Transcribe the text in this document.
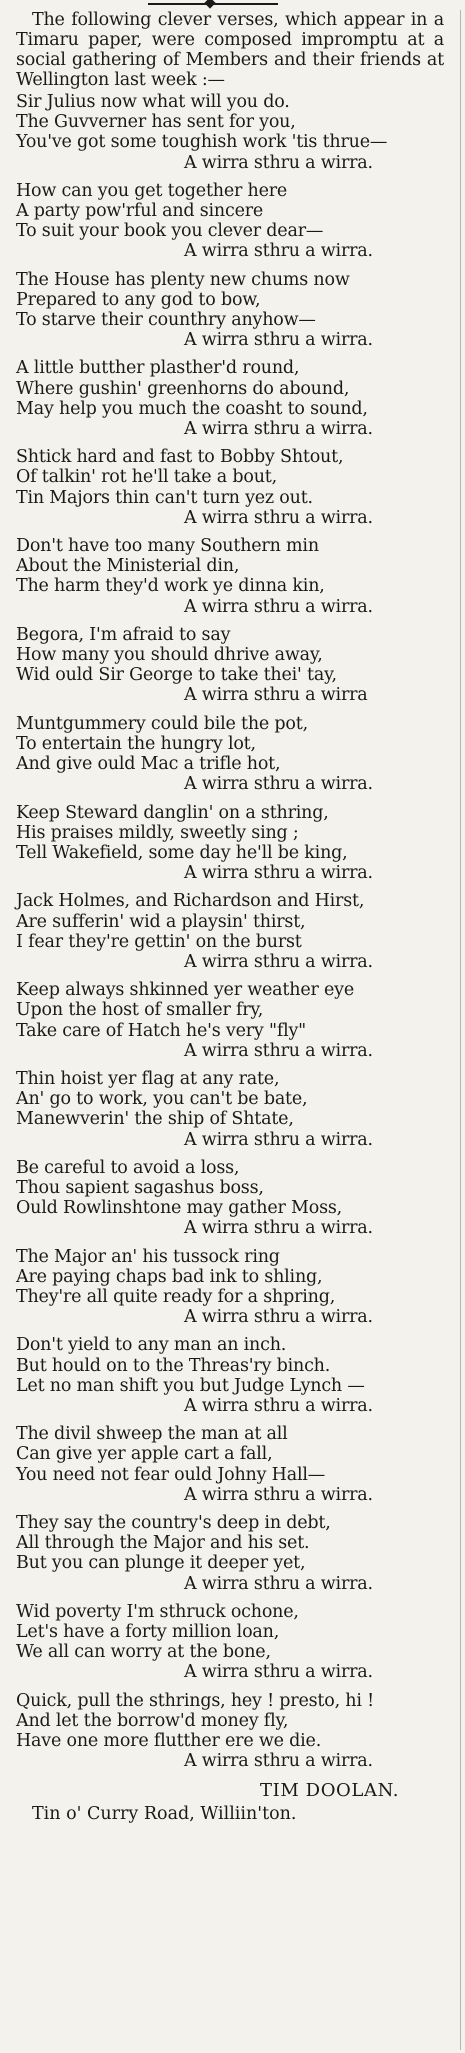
The following clever verses, which appear in a Timaru paper, were composed impromptu at a social gathering of Members and their friends at Wellington last week :—

Sir Julius now what will you do.
The Guvverner has sent for you,
You've got some toughish work 'tis thrue—
A wirra sthru a wirra.
How can you get together here
A party pow'rful and sincere
To suit your book you clever dear—
A wirra sthru a wirra.
The House has plenty new chums now
Prepared to any god to bow,
To starve their counthry anyhow—
A wirra sthru a wirra.
A little butther plasther'd round,
Where gushin' greenhorns do abound,
May help you much the coasht to sound,
A wirra sthru a wirra.
Shtick hard and fast to Bobby Shtout,
Of talkin' rot he'll take a bout,
Tin Majors thin can't turn yez out.
A wirra sthru a wirra.
Don't have too many Southern min
About the Ministerial din,
The harm they'd work ye dinna kin,
A wirra sthru a wirra.
Begora, I'm afraid to say
How many you should dhrive away,
Wid ould Sir George to take thei' tay,
A wirra sthru a wirra
Muntgummery could bile the pot,
To entertain the hungry lot,
And give ould Mac a trifle hot,
A wirra sthru a wirra.
Keep Steward danglin' on a sthring,
His praises mildly, sweetly sing ;
Tell Wakefield, some day he'll be king,
A wirra sthru a wirra.
Jack Holmes, and Richardson and Hirst,
Are sufferin' wid a playsin' thirst,
I fear they're gettin' on the burst
A wirra sthru a wirra.
Keep always shkinned yer weather eye
Upon the host of smaller fry,
Take care of Hatch he's very "fly"
A wirra sthru a wirra.
Thin hoist yer flag at any rate,
An' go to work, you can't be bate,
Manewverin' the ship of Shtate,
A wirra sthru a wirra.
Be careful to avoid a loss,
Thou sapient sagashus boss,
Ould Rowlinshtone may gather Moss,
A wirra sthru a wirra.
The Major an' his tussock ring
Are paying chaps bad ink to shling,
They're all quite ready for a shpring,
A wirra sthru a wirra.
Don't yield to any man an inch.
But hould on to the Threas'ry binch.
Let no man shift you but Judge Lynch —
A wirra sthru a wirra.
The divil shweep the man at all
Can give yer apple cart a fall,
You need not fear ould Johny Hall—
A wirra sthru a wirra.
They say the country's deep in debt,
All through the Major and his set.
But you can plunge it deeper yet,
A wirra sthru a wirra.
Wid poverty I'm sthruck ochone,
Let's have a forty million loan,
We all can worry at the bone,
A wirra sthru a wirra.
Quick, pull the sthrings, hey ! presto, hi !
And let the borrow'd money fly,
Have one more flutther ere we die.
A wirra sthru a wirra.
TIM DOOLAN.
Tin o' Curry Road, Williin'ton.
